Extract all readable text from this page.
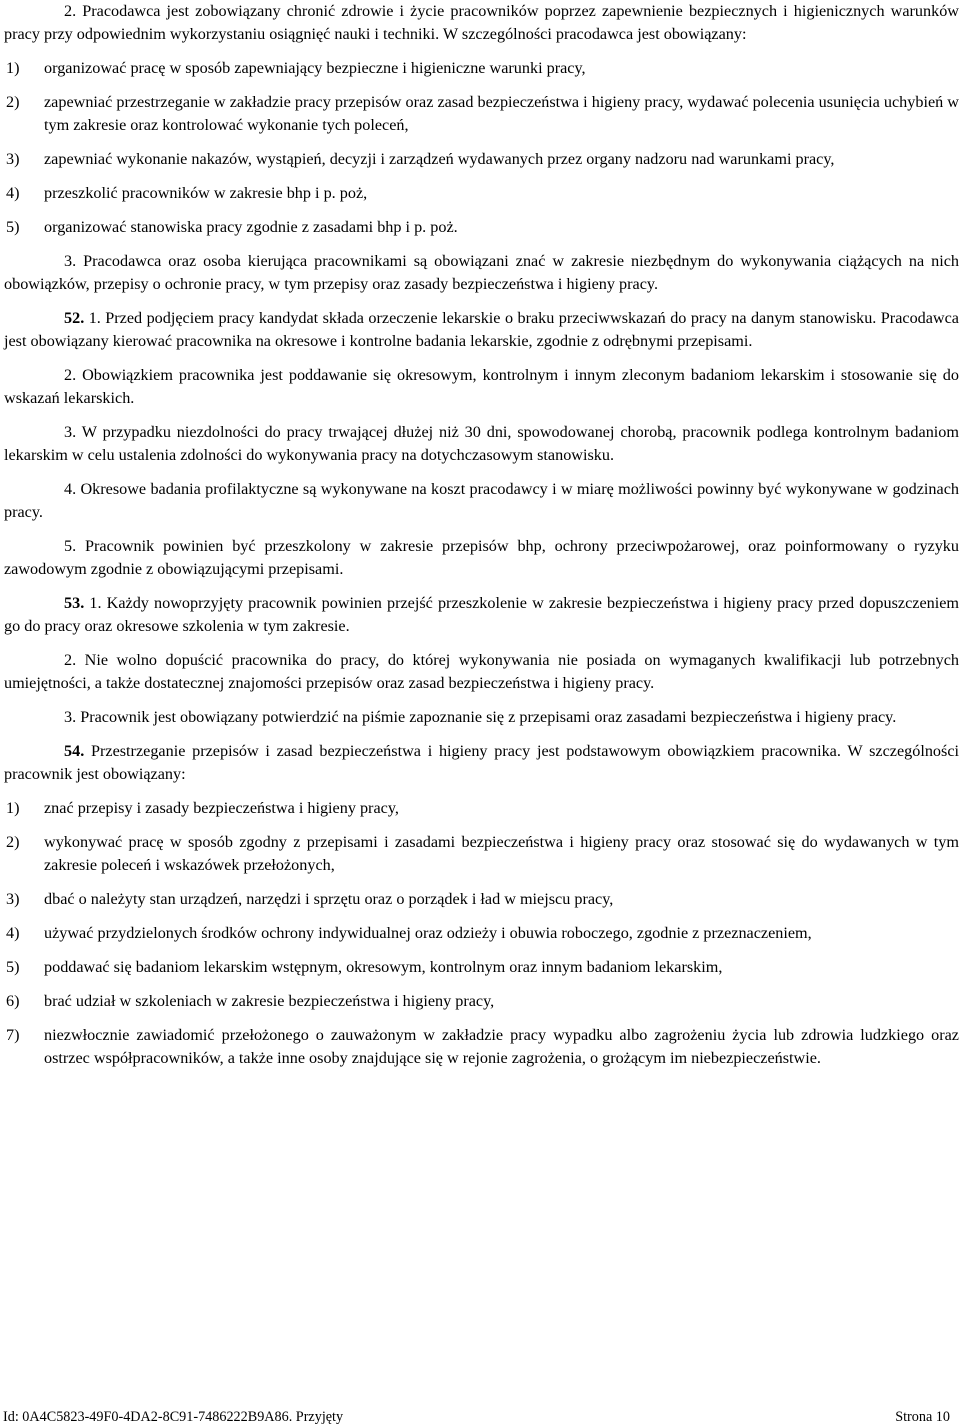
2. Pracodawca jest zobowiązany chronić zdrowie i życie pracowników poprzez zapewnienie bezpiecznych i higienicznych warunków pracy przy odpowiednim wykorzystaniu osiągnięć nauki i techniki. W szczególności pracodawca jest obowiązany:

1)	organizować pracę w sposób zapewniający bezpieczne i higieniczne warunki pracy,
2)	zapewniać przestrzeganie w zakładzie pracy przepisów oraz zasad bezpieczeństwa i higieny pracy, wydawać polecenia usunięcia uchybień w tym zakresie oraz kontrolować wykonanie tych poleceń,
3)	zapewniać wykonanie nakazów, wystąpień, decyzji i zarządzeń wydawanych przez organy nadzoru nad warunkami pracy,
4)	przeszkolić pracowników w zakresie bhp i p. poż,
5)	organizować stanowiska pracy zgodnie z zasadami bhp i p. poż.

3. Pracodawca oraz osoba kierująca pracownikami są obowiązani znać w zakresie niezbędnym do wykonywania ciążących na nich obowiązków, przepisy o ochronie pracy, w tym przepisy oraz zasady bezpieczeństwa i higieny pracy.

52. 1. Przed podjęciem pracy kandydat składa orzeczenie lekarskie o braku przeciwwskazań do pracy na danym stanowisku. Pracodawca jest obowiązany kierować pracownika na okresowe i kontrolne badania lekarskie, zgodnie z odrębnymi przepisami.

2. Obowiązkiem pracownika jest poddawanie się okresowym, kontrolnym i innym zleconym badaniom lekarskim i stosowanie się do wskazań lekarskich.

3. W przypadku niezdolności do pracy trwającej dłużej niż 30 dni, spowodowanej chorobą, pracownik podlega kontrolnym badaniom lekarskim w celu ustalenia zdolności do wykonywania pracy na dotychczasowym stanowisku.

4. Okresowe badania profilaktyczne są wykonywane na koszt pracodawcy i w miarę możliwości powinny być wykonywane w godzinach pracy.

5. Pracownik powinien być przeszkolony w zakresie przepisów bhp, ochrony przeciwpożarowej, oraz poinformowany o ryzyku zawodowym zgodnie z obowiązującymi przepisami.

53. 1. Każdy nowoprzyjęty pracownik powinien przejść przeszkolenie w zakresie bezpieczeństwa i higieny pracy przed dopuszczeniem go do pracy oraz okresowe szkolenia w tym zakresie.

2. Nie wolno dopuścić pracownika do pracy, do której wykonywania nie posiada on wymaganych kwalifikacji lub potrzebnych umiejętności, a także dostatecznej znajomości przepisów oraz zasad bezpieczeństwa i higieny pracy.

3. Pracownik jest obowiązany potwierdzić na piśmie zapoznanie się z przepisami oraz zasadami bezpieczeństwa i higieny pracy.

54. Przestrzeganie przepisów i zasad bezpieczeństwa i higieny pracy jest podstawowym obowiązkiem pracownika. W szczególności pracownik jest obowiązany:

1)	znać przepisy i zasady bezpieczeństwa i higieny pracy,
2)	wykonywać pracę w sposób zgodny z przepisami i zasadami bezpieczeństwa i higieny pracy oraz stosować się do wydawanych w tym zakresie poleceń i wskazówek przełożonych,
3)	dbać o należyty stan urządzeń, narzędzi i sprzętu oraz o porządek i ład w miejscu pracy,
4)	używać przydzielonych środków ochrony indywidualnej oraz odzieży i obuwia roboczego, zgodnie z przeznaczeniem,
5)	poddawać się badaniom lekarskim wstępnym, okresowym, kontrolnym oraz innym badaniom lekarskim,
6)	brać udział w szkoleniach w zakresie bezpieczeństwa i higieny pracy,
7)	niezwłocznie zawiadomić przełożonego o zauważonym w zakładzie pracy wypadku albo zagrożeniu życia lub zdrowia ludzkiego oraz ostrzec współpracowników, a także inne osoby znajdujące się w rejonie zagrożenia, o grożącym im niebezpieczeństwie.
Id: 0A4C5823-49F0-4DA2-8C91-7486222B9A86. Przyjęty	Strona 10
